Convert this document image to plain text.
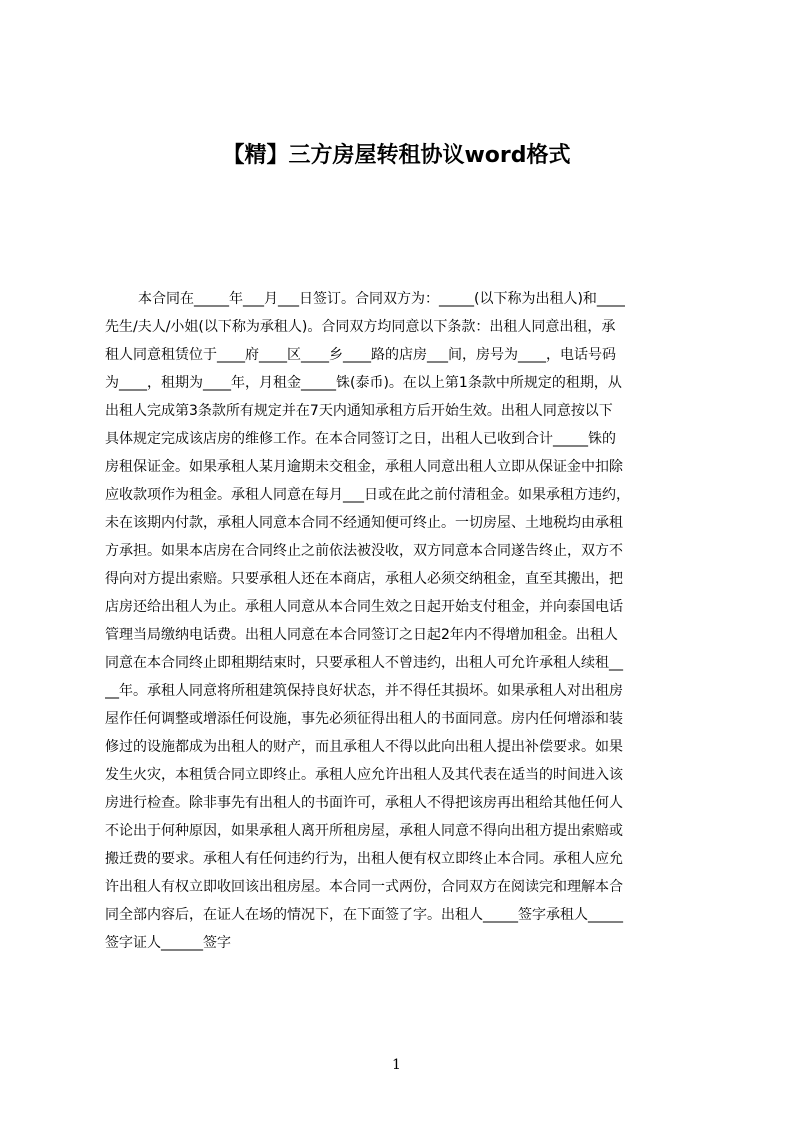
【精】三方房屋转租协议word格式
本合同在_____年___月___日签订。合同双方为：_____(以下称为出租人)和____
先生/夫人/小姐(以下称为承租人)。合同双方均同意以下条款：出租人同意出租，承
租人同意租赁位于____府____区____乡____路的店房___间，房号为____，电话号码
为____，租期为____年，月租金_____铢(泰币)。在以上第1条款中所规定的租期，从
出租人完成第3条款所有规定并在7天内通知承租方后开始生效。出租人同意按以下
具体规定完成该店房的维修工作。在本合同签订之日，出租人已收到合计_____铢的
房租保证金。如果承租人某月逾期未交租金，承租人同意出租人立即从保证金中扣除
应收款项作为租金。承租人同意在每月___日或在此之前付清租金。如果承租方违约，
未在该期内付款，承租人同意本合同不经通知便可终止。一切房屋、土地税均由承租
方承担。如果本店房在合同终止之前依法被没收，双方同意本合同遂告终止，双方不
得向对方提出索赔。只要承租人还在本商店，承租人必须交纳租金，直至其搬出，把
店房还给出租人为止。承租人同意从本合同生效之日起开始支付租金，并向泰国电话
管理当局缴纳电话费。出租人同意在本合同签订之日起2年内不得增加租金。出租人
同意在本合同终止即租期结束时，只要承租人不曾违约，出租人可允许承租人续租__
__年。承租人同意将所租建筑保持良好状态，并不得任其损坏。如果承租人对出租房
屋作任何调整或增添任何设施，事先必须征得出租人的书面同意。房内任何增添和装
修过的设施都成为出租人的财产，而且承租人不得以此向出租人提出补偿要求。如果
发生火灾，本租赁合同立即终止。承租人应允许出租人及其代表在适当的时间进入该
房进行检查。除非事先有出租人的书面许可，承租人不得把该房再出租给其他任何人
不论出于何种原因，如果承租人离开所租房屋，承租人同意不得向出租方提出索赔或
搬迁费的要求。承租人有任何违约行为，出租人便有权立即终止本合同。承租人应允
许出租人有权立即收回该出租房屋。本合同一式两份，合同双方在阅读完和理解本合
同全部内容后，在证人在场的情况下，在下面签了字。出租人_____签字承租人_____
签字证人______签字
1
